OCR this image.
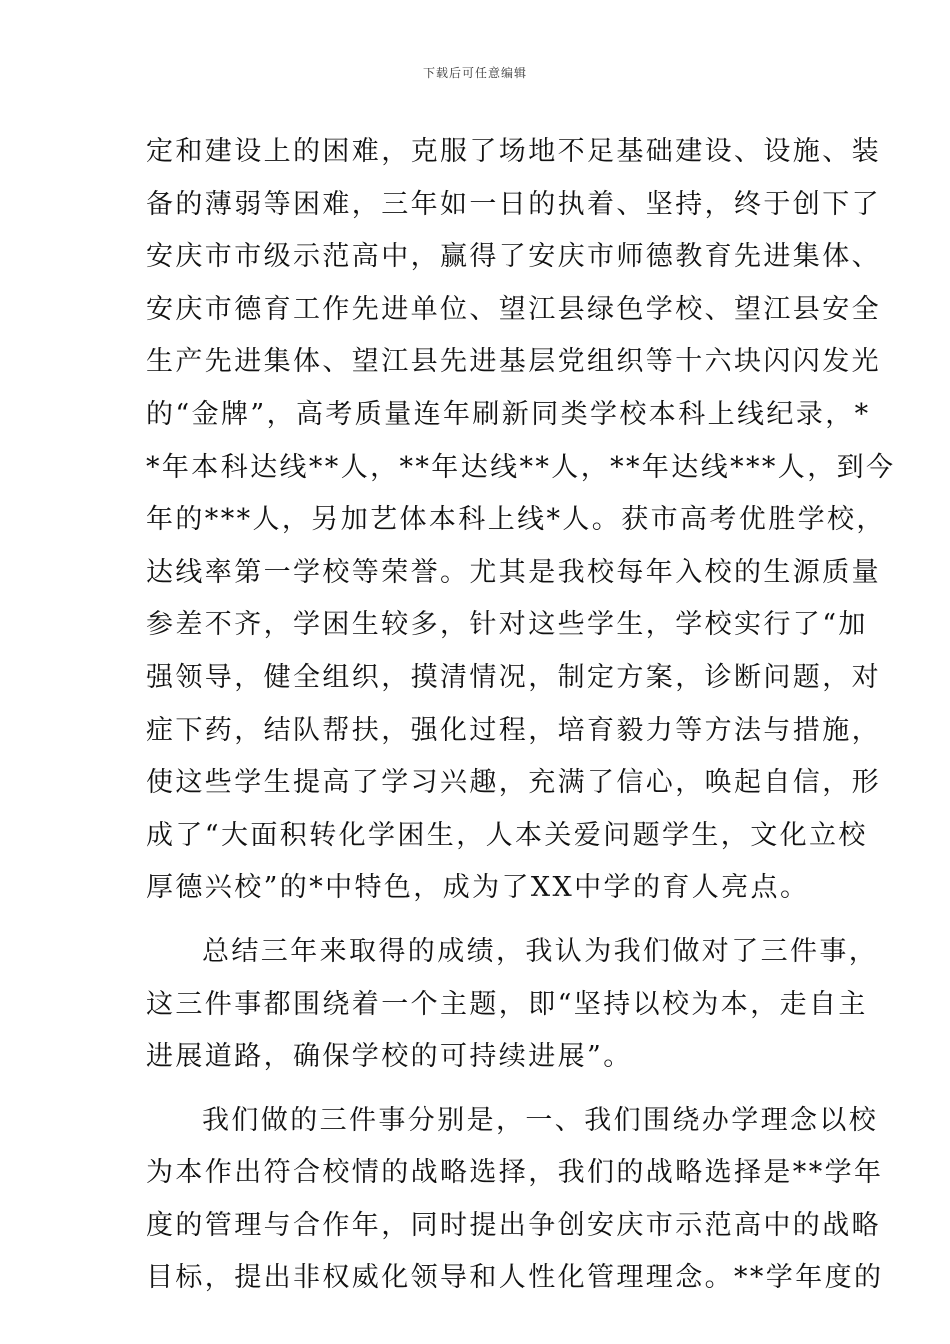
下载后可任意编辑
定和建设上的困难，克服了场地不足基础建设、设施、装
备的薄弱等困难，三年如一日的执着、坚持，终于创下了
安庆市市级示范高中，赢得了安庆市师德教育先进集体、
安庆市德育工作先进单位、望江县绿色学校、望江县安全
生产先进集体、望江县先进基层党组织等十六块闪闪发光
的“金牌”，高考质量连年刷新同类学校本科上线纪录，*
*年本科达线**人，**年达线**人，**年达线***人，到今
年的***人，另加艺体本科上线*人。获市高考优胜学校，
达线率第一学校等荣誉。尤其是我校每年入校的生源质量
参差不齐，学困生较多，针对这些学生，学校实行了“加
强领导，健全组织，摸清情况，制定方案，诊断问题，对
症下药，结队帮扶，强化过程，培育毅力等方法与措施，
使这些学生提高了学习兴趣，充满了信心，唤起自信，形
成了“大面积转化学困生，人本关爱问题学生，文化立校
厚德兴校”的*中特色，成为了XX中学的育人亮点。
总结三年来取得的成绩，我认为我们做对了三件事，
这三件事都围绕着一个主题，即“坚持以校为本，走自主
进展道路，确保学校的可持续进展”。
我们做的三件事分别是，一、我们围绕办学理念以校
为本作出符合校情的战略选择，我们的战略选择是**学年
度的管理与合作年，同时提出争创安庆市示范高中的战略
目标，提出非权威化领导和人性化管理理念。**学年度的
